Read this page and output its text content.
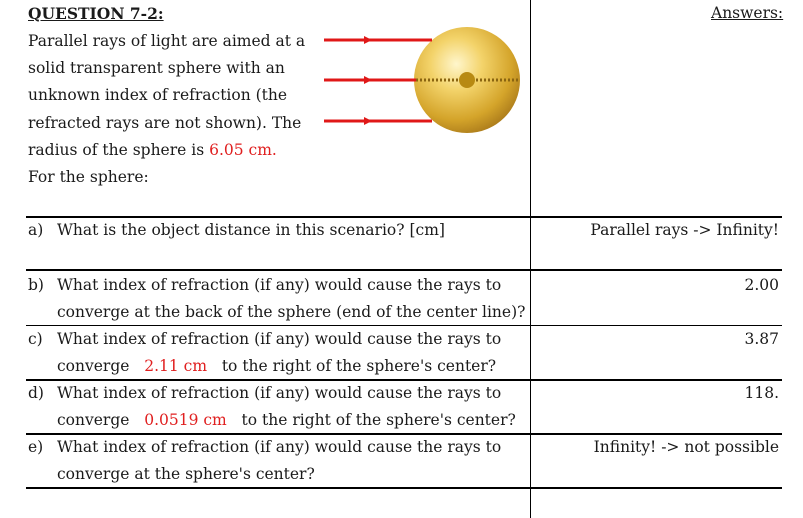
QUESTION 7-2:	Answers:
Parallel rays of light are aimed at a
solid transparent sphere with an
unknown index of refraction (the
refracted rays are not shown). The
radius of the sphere is 6.05 cm.
For the sphere:
a) What is the object distance in this scenario? [cm]	Parallel rays -> Infinity!
b) What index of refraction (if any) would cause the rays to
converge at the back of the sphere (end of the center line)?
2.00
c) What index of refraction (if any) would cause the rays to
converge 2.11 cm to the right of the sphere's center?
3.87
d) What index of refraction (if any) would cause the rays to
converge 0.0519 cm to the right of the sphere's center?
118.
e) What index of refraction (if any) would cause the rays to
converge at the sphere's center?
Infinity! -> not possible
